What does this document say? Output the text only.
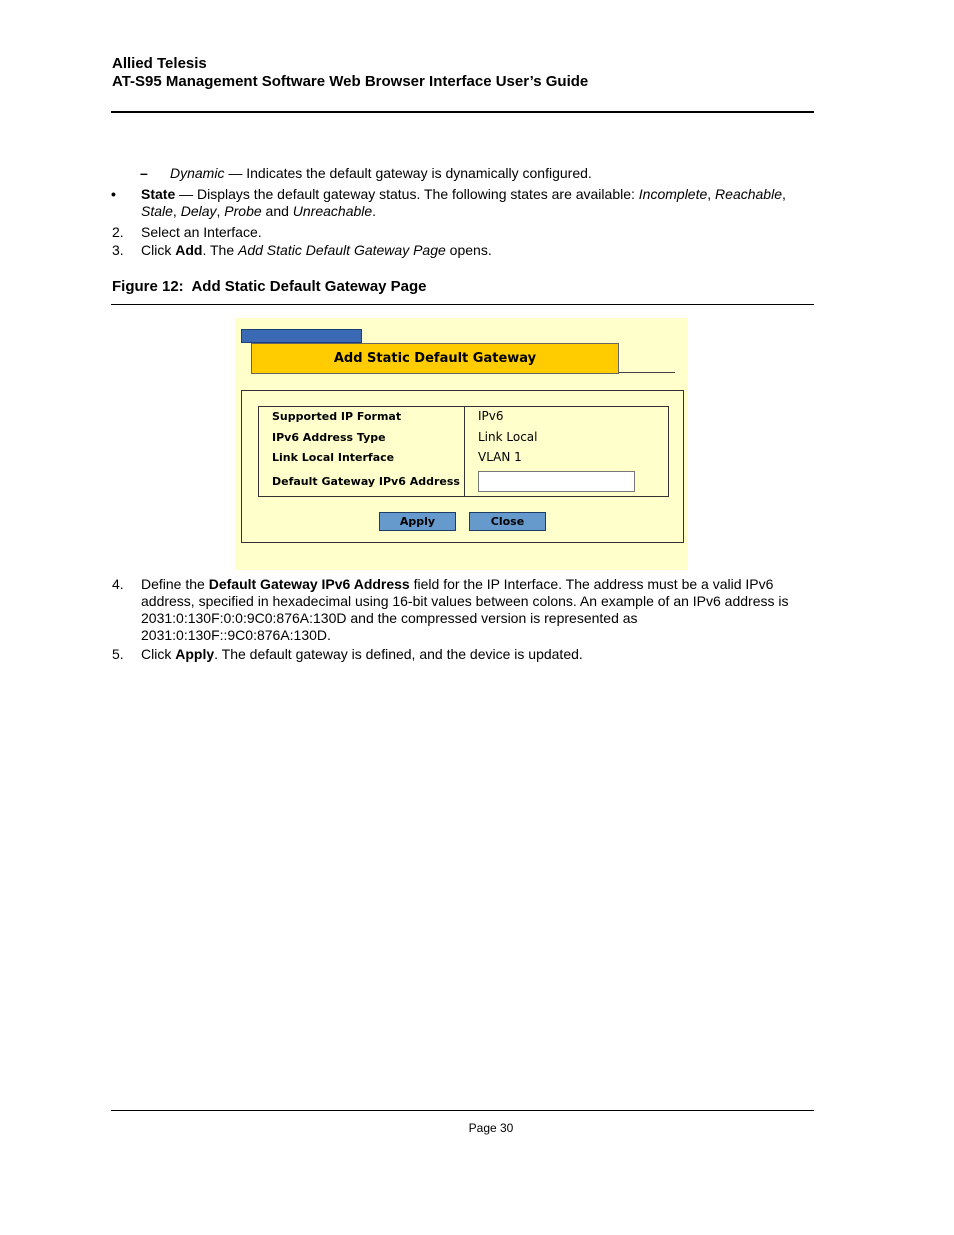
Allied Telesis
AT-S95 Management Software Web Browser Interface User’s Guide
– Dynamic — Indicates the default gateway is dynamically configured.
• State — Displays the default gateway status. The following states are available: Incomplete, Reachable,
Stale, Delay, Probe and Unreachable.
2. Select an Interface.
3. Click Add. The Add Static Default Gateway Page opens.
Figure 12:  Add Static Default Gateway Page
Add Static Default Gateway
Supported IP Format	IPv6
IPv6 Address Type	Link Local
Link Local Interface	VLAN 1
Default Gateway IPv6 Address
Apply	Close
4. Define the Default Gateway IPv6 Address field for the IP Interface. The address must be a valid IPv6
address, specified in hexadecimal using 16-bit values between colons. An example of an IPv6 address is
2031:0:130F:0:0:9C0:876A:130D and the compressed version is represented as
2031:0:130F::9C0:876A:130D.
5. Click Apply. The default gateway is defined, and the device is updated.
Page 30
